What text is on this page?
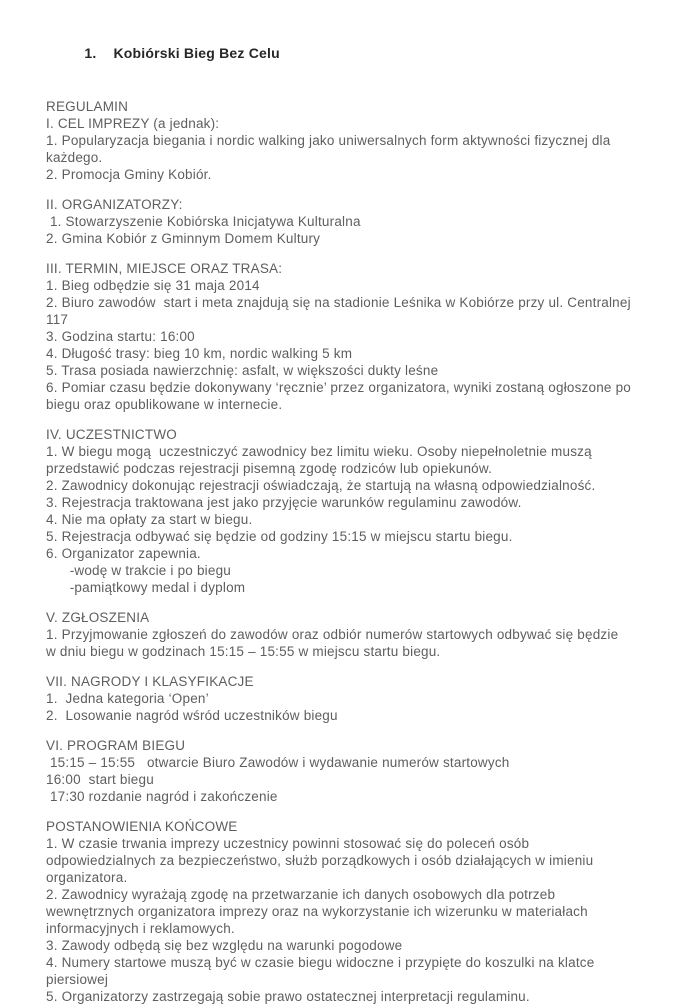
1. Kobiórski Bieg Bez Celu

REGULAMIN
I. CEL IMPREZY (a jednak):
1. Popularyzacja biegania i nordic walking jako uniwersalnych form aktywności fizycznej dla
każdego.
2. Promocja Gminy Kobiór.
II. ORGANIZATORZY:
1. Stowarzyszenie Kobiórska Inicjatywa Kulturalna
2. Gmina Kobiór z Gminnym Domem Kultury
III. TERMIN, MIEJSCE ORAZ TRASA:
1. Bieg odbędzie się 31 maja 2014
2. Biuro zawodów  start i meta znajdują się na stadionie Leśnika w Kobiórze przy ul. Centralnej
117
3. Godzina startu: 16:00
4. Długość trasy: bieg 10 km, nordic walking 5 km
5. Trasa posiada nawierzchnię: asfalt, w większości dukty leśne
6. Pomiar czasu będzie dokonywany ‘ręcznie’ przez organizatora, wyniki zostaną ogłoszone po
biegu oraz opublikowane w internecie.
IV. UCZESTNICTWO
1. W biegu mogą  uczestniczyć zawodnicy bez limitu wieku. Osoby niepełnoletnie muszą
przedstawić podczas rejestracji pisemną zgodę rodziców lub opiekunów.
2. Zawodnicy dokonując rejestracji oświadczają, że startują na własną odpowiedzialność.
3. Rejestracja traktowana jest jako przyjęcie warunków regulaminu zawodów.
4. Nie ma opłaty za start w biegu.
5. Rejestracja odbywać się będzie od godziny 15:15 w miejscu startu biegu.
6. Organizator zapewnia.
-wodę w trakcie i po biegu
-pamiątkowy medal i dyplom
V. ZGŁOSZENIA
1. Przyjmowanie zgłoszeń do zawodów oraz odbiór numerów startowych odbywać się będzie
w dniu biegu w godzinach 15:15 – 15:55 w miejscu startu biegu.
VII. NAGRODY I KLASYFIKACJE
1.  Jedna kategoria ‘Open’
2.  Losowanie nagród wśród uczestników biegu
VI. PROGRAM BIEGU
15:15 – 15:55   otwarcie Biuro Zawodów i wydawanie numerów startowych
16:00  start biegu
17:30 rozdanie nagród i zakończenie
POSTANOWIENIA KOŃCOWE
1. W czasie trwania imprezy uczestnicy powinni stosować się do poleceń osób
odpowiedzialnych za bezpieczeństwo, służb porządkowych i osób działających w imieniu
organizatora.
2. Zawodnicy wyrażają zgodę na przetwarzanie ich danych osobowych dla potrzeb
wewnętrznych organizatora imprezy oraz na wykorzystanie ich wizerunku w materiałach
informacyjnych i reklamowych.
3. Zawody odbędą się bez względu na warunki pogodowe
4. Numery startowe muszą być w czasie biegu widoczne i przypięte do koszulki na klatce
piersiowej
5. Organizatorzy zastrzegają sobie prawo ostatecznej interpretacji regulaminu.
